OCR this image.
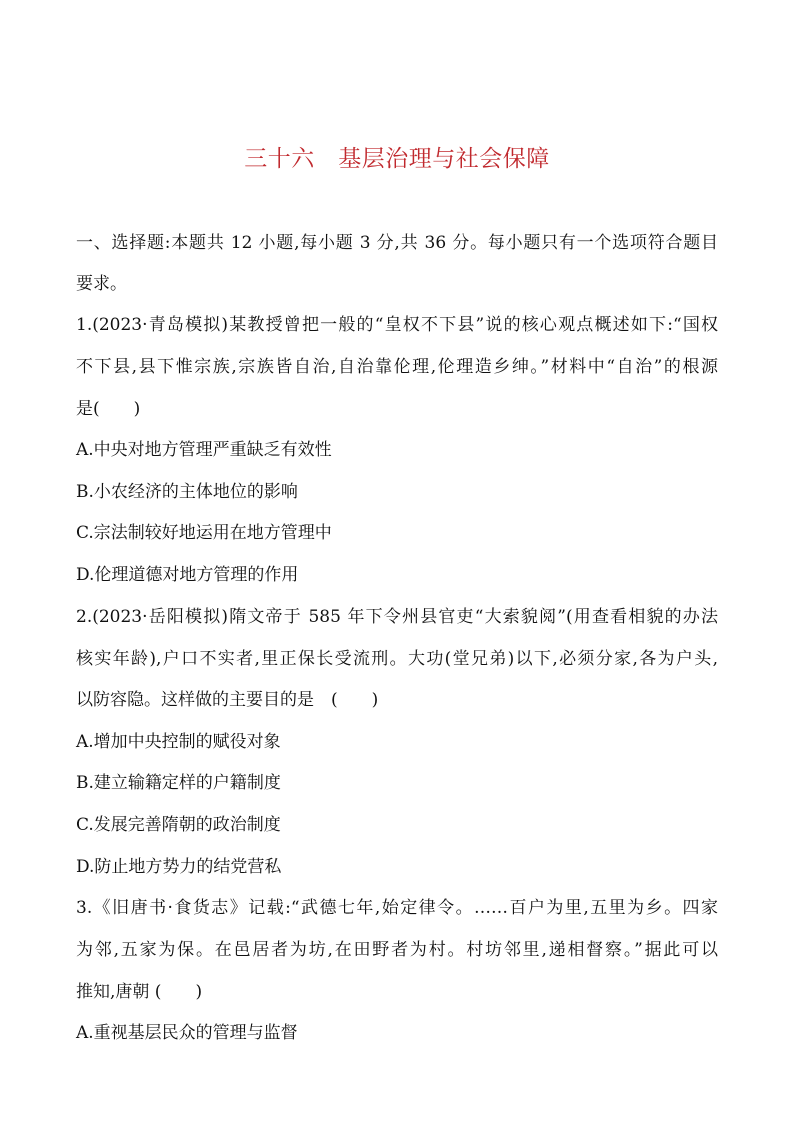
三十六　基层治理与社会保障
一、选择题:本题共 12 小题,每小题 3 分,共 36 分。每小题只有一个选项符合题目
要求。
1.(2023·青岛模拟)某教授曾把一般的“皇权不下县”说的核心观点概述如下:“国权
不下县,县下惟宗族,宗族皆自治,自治靠伦理,伦理造乡绅。”材料中“自治”的根源
是(　　)
A.中央对地方管理严重缺乏有效性
B.小农经济的主体地位的影响
C.宗法制较好地运用在地方管理中
D.伦理道德对地方管理的作用
2.(2023·岳阳模拟)隋文帝于 585 年下令州县官吏“大索貌阅”(用查看相貌的办法
核实年龄),户口不实者,里正保长受流刑。大功(堂兄弟)以下,必须分家,各为户头,
以防容隐。这样做的主要目的是　(　　)
A.增加中央控制的赋役对象
B.建立输籍定样的户籍制度
C.发展完善隋朝的政治制度
D.防止地方势力的结党营私
3.《旧唐书·食货志》记载:“武德七年,始定律令。……百户为里,五里为乡。四家
为邻,五家为保。在邑居者为坊,在田野者为村。村坊邻里,递相督察。”据此可以
推知,唐朝 (　　)
A.重视基层民众的管理与监督
